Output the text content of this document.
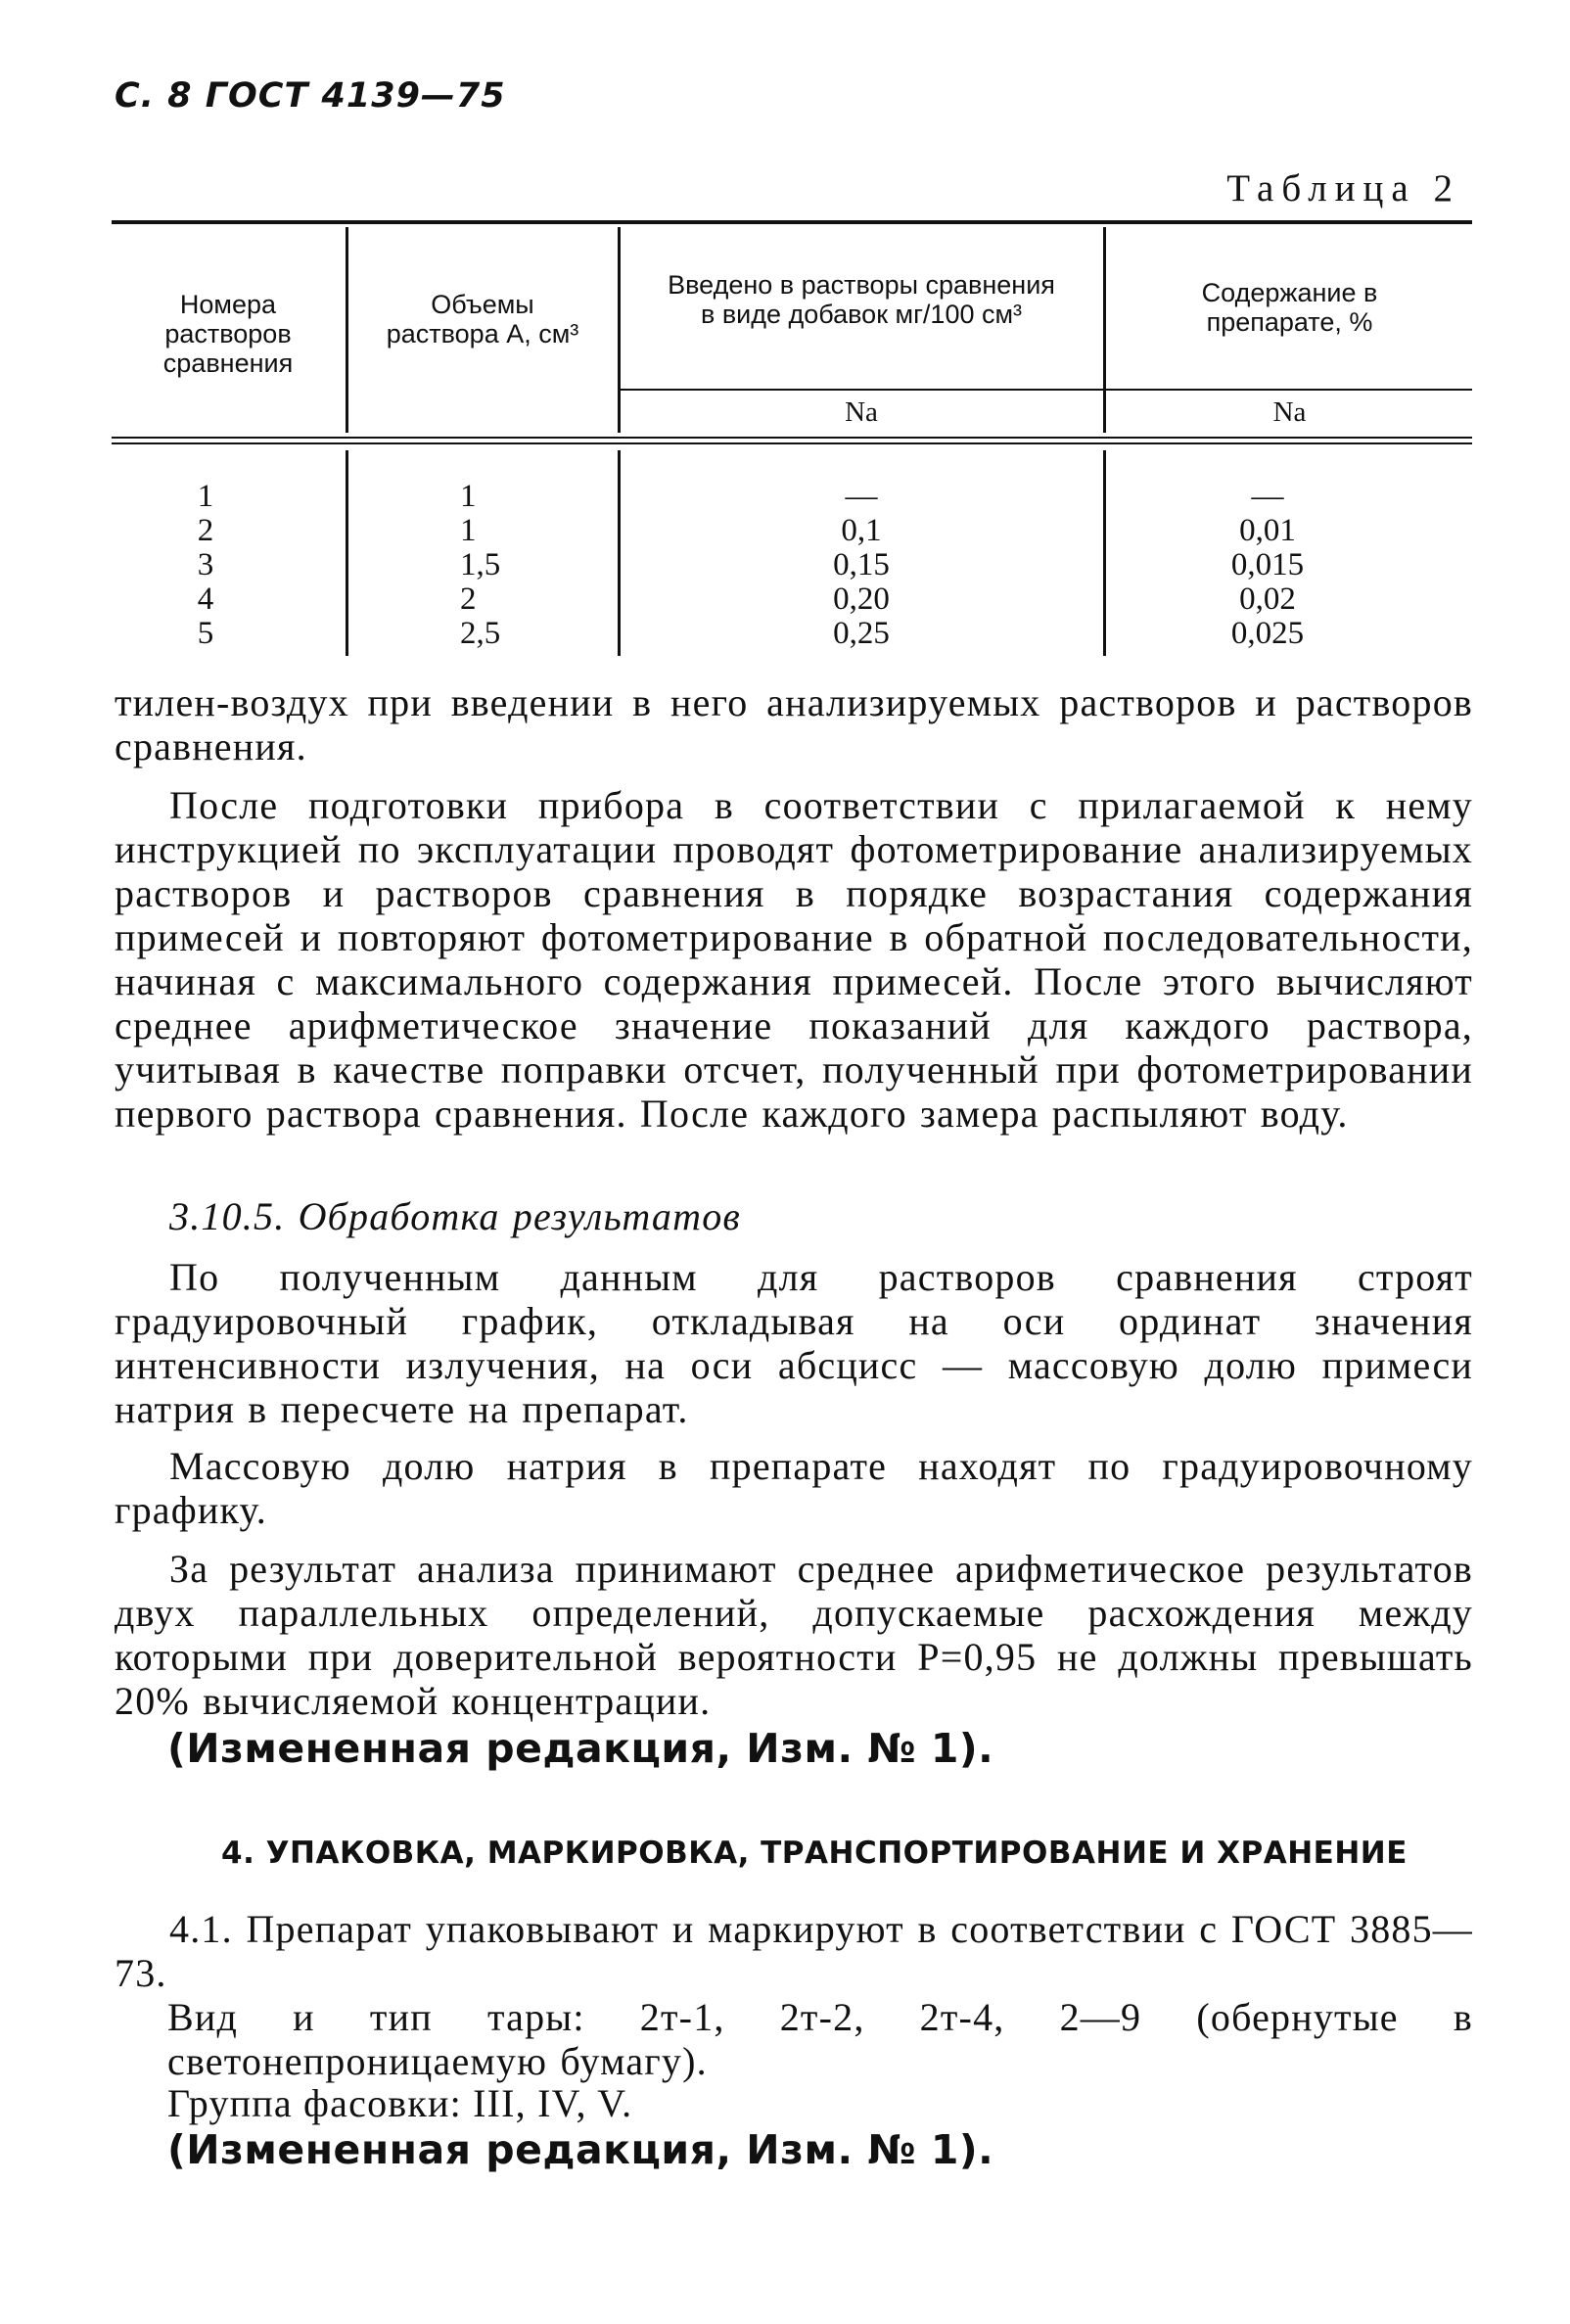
С. 8 ГОСТ 4139—75
Таблица 2
Номера растворов сравнения
Объемы раствора А, см³
Введено в растворы сравнения в виде добавок мг/100 см³
Содержание в препарате, %
Na	Na
1
2
3
4
5
1
1
1,5
2
2,5
—
0,1
0,15
0,20
0,25
—
0,01
0,015
0,02
0,025
тилен-воздух при введении в него анализируемых растворов и растворов сравнения.
После подготовки прибора в соответствии с прилагаемой к нему инструкцией по эксплуатации проводят фотометрирование анализируемых растворов и растворов сравнения в порядке возрастания содержания примесей и повторяют фотометрирование в обратной последовательности, начиная с максимального содержания примесей. После этого вычисляют среднее арифметическое значение показаний для каждого раствора, учитывая в качестве поправки отсчет, полученный при фотометрировании первого раствора сравнения. После каждого замера распыляют воду.
3.10.5. Обработка результатов
По полученным данным для растворов сравнения строят градуировочный график, откладывая на оси ординат значения интенсивности излучения, на оси абсцисс — массовую долю примеси натрия в пересчете на препарат.
Массовую долю натрия в препарате находят по градуировочному графику.
За результат анализа принимают среднее арифметическое результатов двух параллельных определений, допускаемые расхождения между которыми при доверительной вероятности P=0,95 не должны превышать 20% вычисляемой концентрации.
(Измененная редакция, Изм. № 1).
4. УПАКОВКА, МАРКИРОВКА, ТРАНСПОРТИРОВАНИЕ И ХРАНЕНИЕ
4.1. Препарат упаковывают и маркируют в соответствии с ГОСТ 3885—73.
Вид и тип тары: 2т-1, 2т-2, 2т-4, 2—9 (обернутые в светонепроницаемую бумагу).
Группа фасовки: III, IV, V.
(Измененная редакция, Изм. № 1).
